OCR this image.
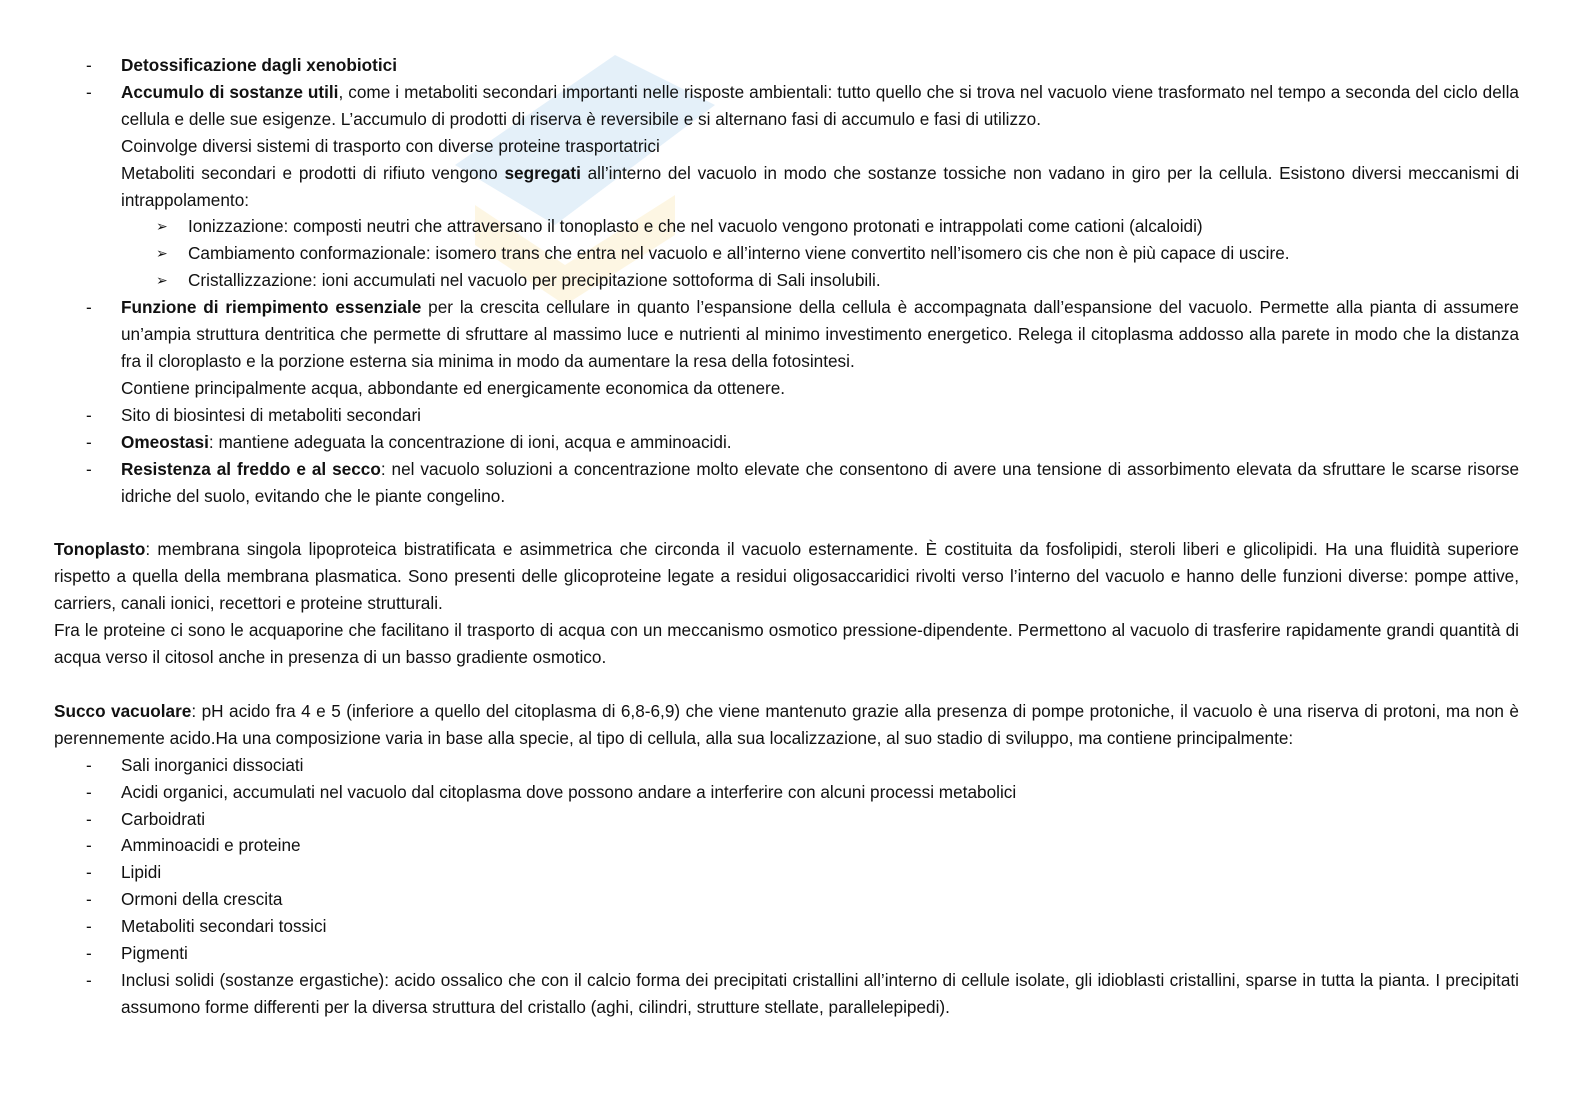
- Detossificazione dagli xenobiotici
- Accumulo di sostanze utili, come i metaboliti secondari importanti nelle risposte ambientali: tutto quello che si trova nel vacuolo viene trasformato nel tempo a seconda del ciclo della cellula e delle sue esigenze. L’accumulo di prodotti di riserva è reversibile e si alternano fasi di accumulo e fasi di utilizzo.
Coinvolge diversi sistemi di trasporto con diverse proteine trasportatrici
Metaboliti secondari e prodotti di rifiuto vengono segregati all’interno del vacuolo in modo che sostanze tossiche non vadano in giro per la cellula. Esistono diversi meccanismi di intrappolamento:
➢ Ionizzazione: composti neutri che attraversano il tonoplasto e che nel vacuolo vengono protonati e intrappolati come cationi (alcaloidi)
➢ Cambiamento conformazionale: isomero trans che entra nel vacuolo e all’interno viene convertito nell’isomero cis che non è più capace di uscire.
➢ Cristallizzazione: ioni accumulati nel vacuolo per precipitazione sottoforma di Sali insolubili.
- Funzione di riempimento essenziale per la crescita cellulare in quanto l’espansione della cellula è accompagnata dall’espansione del vacuolo. Permette alla pianta di assumere un’ampia struttura dentritica che permette di sfruttare al massimo luce e nutrienti al minimo investimento energetico. Relega il citoplasma addosso alla parete in modo che la distanza fra il cloroplasto e la porzione esterna sia minima in modo da aumentare la resa della fotosintesi.
Contiene principalmente acqua, abbondante ed energicamente economica da ottenere.
- Sito di biosintesi di metaboliti secondari
- Omeostasi: mantiene adeguata la concentrazione di ioni, acqua e amminoacidi.
- Resistenza al freddo e al secco: nel vacuolo soluzioni a concentrazione molto elevate che consentono di avere una tensione di assorbimento elevata da sfruttare le scarse risorse idriche del suolo, evitando che le piante congelino.

Tonoplasto: membrana singola lipoproteica bistratificata e asimmetrica che circonda il vacuolo esternamente. È costituita da fosfolipidi, steroli liberi e glicolipidi. Ha una fluidità superiore rispetto a quella della membrana plasmatica. Sono presenti delle glicoproteine legate a residui oligosaccaridici rivolti verso l’interno del vacuolo e hanno delle funzioni diverse: pompe attive, carriers, canali ionici, recettori e proteine strutturali.

Fra le proteine ci sono le acquaporine che facilitano il trasporto di acqua con un meccanismo osmotico pressione-dipendente. Permettono al vacuolo di trasferire rapidamente grandi quantità di acqua verso il citosol anche in presenza di un basso gradiente osmotico.

Succo vacuolare: pH acido fra 4 e 5 (inferiore a quello del citoplasma di 6,8-6,9) che viene mantenuto grazie alla presenza di pompe protoniche, il vacuolo è una riserva di protoni, ma non è perennemente acido.Ha una composizione varia in base alla specie, al tipo di cellula, alla sua localizzazione, al suo stadio di sviluppo, ma contiene principalmente:

- Sali inorganici dissociati
- Acidi organici, accumulati nel vacuolo dal citoplasma dove possono andare a interferire con alcuni processi metabolici
- Carboidrati
- Amminoacidi e proteine
- Lipidi
- Ormoni della crescita
- Metaboliti secondari tossici
- Pigmenti
- Inclusi solidi (sostanze ergastiche): acido ossalico che con il calcio forma dei precipitati cristallini all’interno di cellule isolate, gli idioblasti cristallini, sparse in tutta la pianta. I precipitati assumono forme differenti per la diversa struttura del cristallo (aghi, cilindri, strutture stellate, parallelepipedi).
